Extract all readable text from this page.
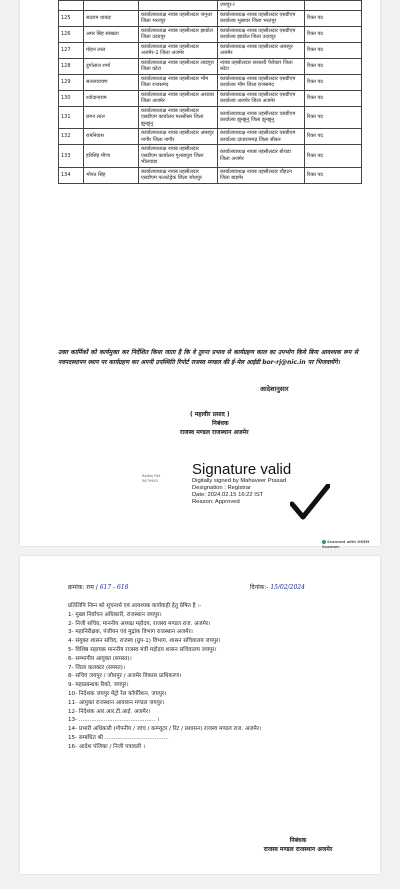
			जयपुर-I	
125	सदराम धाकड़	कार्यालयाध्यक्ष नायब तहसीलदार जनूथर जिला भरतपुर	कार्यालयाध्यक्ष नायब तहसीलदार एसडीएम कार्यालय भुसावर जिला भरतपुर	रिक्त पद
126	अमर सिंह सांखला	कार्यालयाध्यक्ष नायब तहसीलदार झाडोल जिला उदयपुर	कार्यालयाध्यक्ष नायब तहसीलदार एसडीएम कार्यालय झाडोल जिला उदयपुर	रिक्त पद
127	मोहन लाल	कार्यालयाध्यक्ष नायब तहसीलदार अजमेर-1 जिला अजमेर	कार्यालयाध्यक्ष नायब तहसीलदार आसपुर अजमेर	रिक्त पद
128	दुर्गालाल शर्मा	कार्यालयाध्यक्ष नायब तहसीलदार लाडपुरा जिला कोटा	नायब तहसीलदार सरकारी पैरोकार जिला कोटा	रिक्त पद
129	सत्यनारायण	कार्यालयाध्यक्ष नायब तहसीलदार भीम जिला राजसमंद	कार्यालयाध्यक्ष नायब तहसीलदार एसडीएम कार्यालय भीम जिला राजसमंद	रिक्त पद
130	श्योदानाराम	कार्यालयाध्यक्ष नायब तहसीलदार अरडका जिला अजमेर	कार्यालयाध्यक्ष नायब तहसीलदार एसडीएम कार्यालय अजमेर जिला अजमेर	रिक्त पद
131	छगन लाल	कार्यालयाध्यक्ष नायब तहसीलदार एसडीएम कार्यालय मलसीसर जिला झुन्झुनू	कार्यालयाध्यक्ष नायब तहसीलदार एसडीएम कार्यालय झुन्झुनू जिला झुन्झुनू	रिक्त पद
132	रामनिवास	कार्यालयाध्यक्ष नायब तहसीलदार आसपुर नागौर जिला नागौर	कार्यालयाध्यक्ष नायब तहसीलदार एसडीएम कार्यालय दांतारामगढ़ जिला सीकर	रिक्त पद
133	हरिसिंह मीणा	कार्यालयाध्यक्ष नायब तहसीलदार एसडीएम कार्यालय गुलाबपुरा जिला भीलवाड़ा	कार्यालयाध्यक्ष नायब तहसीलदार बोराडा जिला अजमेर	रिक्त पद
134	भोपत सिंह	कार्यालयाध्यक्ष नायब तहसीलदार एसडीएम फलाटेड्रेक जिला जोधपुर	कार्यालयाध्यक्ष नायब तहसीलदार चौहटन जिला बाड़मेर	रिक्त पद
उक्त कार्मिकों को कार्यमुक्त कर निर्देशित किया जाता है कि वे तुरन्त प्रभाव से कार्यग्रहण काल का उपभोग किये बिना आवश्यक रूप से नवपदस्थापन स्थान पर कार्यग्रहण कर अपनी उपस्थिति रिपोर्ट राजस्व मण्डल की ई-मेल आईडी bor-rj@nic.in पर भिजवायेंगे।
आदेशानुसार
( महावीर प्रसाद )
निबंधक
राजस्व मण्डल राजस्थान अजमेर
RajKaj Ref
5679983
Signature valid
Digitally signed by Mahaveer Prasad
Designation : Registrar
Date: 2024.02.15 16:22 IST
Reason: Approved
Scanned with OKEN Scanner
क्रमांक: राम / 617 - 618	दिनांक:- 15/02/2024
प्रतिलिपि निम्न को सूचनार्थ एवं आवश्यक कार्यवाही हेतु प्रेषित है :-
1- मुख्य निर्वाचन अधिकारी, राजस्थान जयपुर।
2- निजी सचिव, माननीय अध्यक्ष महोदय, राजस्व मण्डल राज. अजमेर।
3- महानिरीक्षक, पंजीयन एवं मुद्रांक विभाग राजस्थान अजमेर।
4- संयुक्त शासन सचिव, राजस्व (ग्रुप-1) विभाग, शासन सचिवालय जयपुर।
5- विशिष्ठ सहायक माननीय राजस्व मंत्री महोदय शासन सचिवालय जयपुर।
6- सम्भागीय आयुक्त (समस्त)।
7- जिला कलक्टर (समस्त)।
8- सचिव जयपुर / जोधपुर / अजमेर विकास प्राधिकरण।
9- महाप्रबन्धक रिको, जयपुर।
10- निदेशक जयपुर मेट्रो रेल कॉर्पोरेशन, जयपुर।
11- आयुक्त राजस्थान आवासन मण्डल जयपुर।
12- निदेशक आर.आर.टी.आई. अजमेर।
13- ........................................... ।
14- प्रभारी अधिकारी (गोपनीय / जांच / कम्प्यूटर / रिट / प्रशासन) राजस्व मण्डल राज. अजमेर।
15- सम्बंधित श्री ....................................
16- आदेश पंजिका / निजी पत्रावली ।
निबंधक
राजस्व मण्डल राजस्थान अजमेर
